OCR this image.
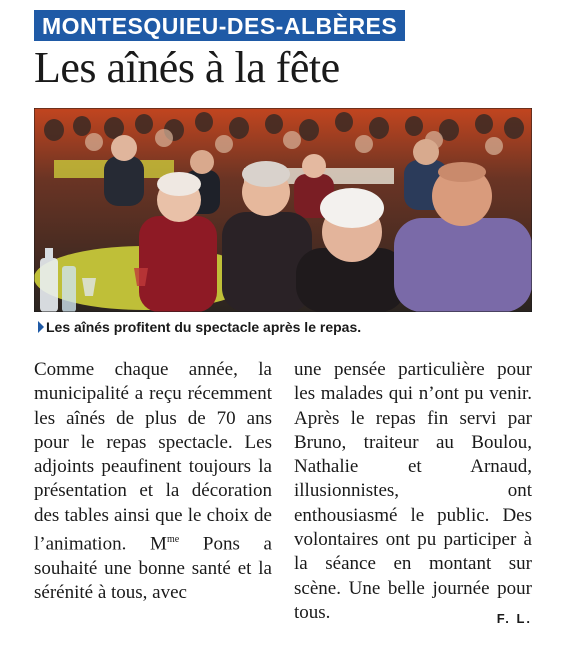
MONTESQUIEU-DES-ALBÈRES
Les aînés à la fête
Les aînés profitent du spectacle après le repas.

Comme chaque année, la municipalité a reçu récemment les aînés de plus de 70 ans pour le repas spectacle. Les adjoints peaufinent toujours la présentation et la décoration des tables ainsi que le choix de l’animation. $M^{me}$ Pons a souhaité une bonne santé et la sérénité à tous, avec

une pensée particulière pour les malades qui n’ont pu venir. Après le repas fin servi par Bruno, traiteur au Boulou, Nathalie et Arnaud, illusionnistes, ont enthousiasmé le public. Des volontaires ont pu participer à la séance en montant sur scène. Une belle journée pour tous.	F. L.
